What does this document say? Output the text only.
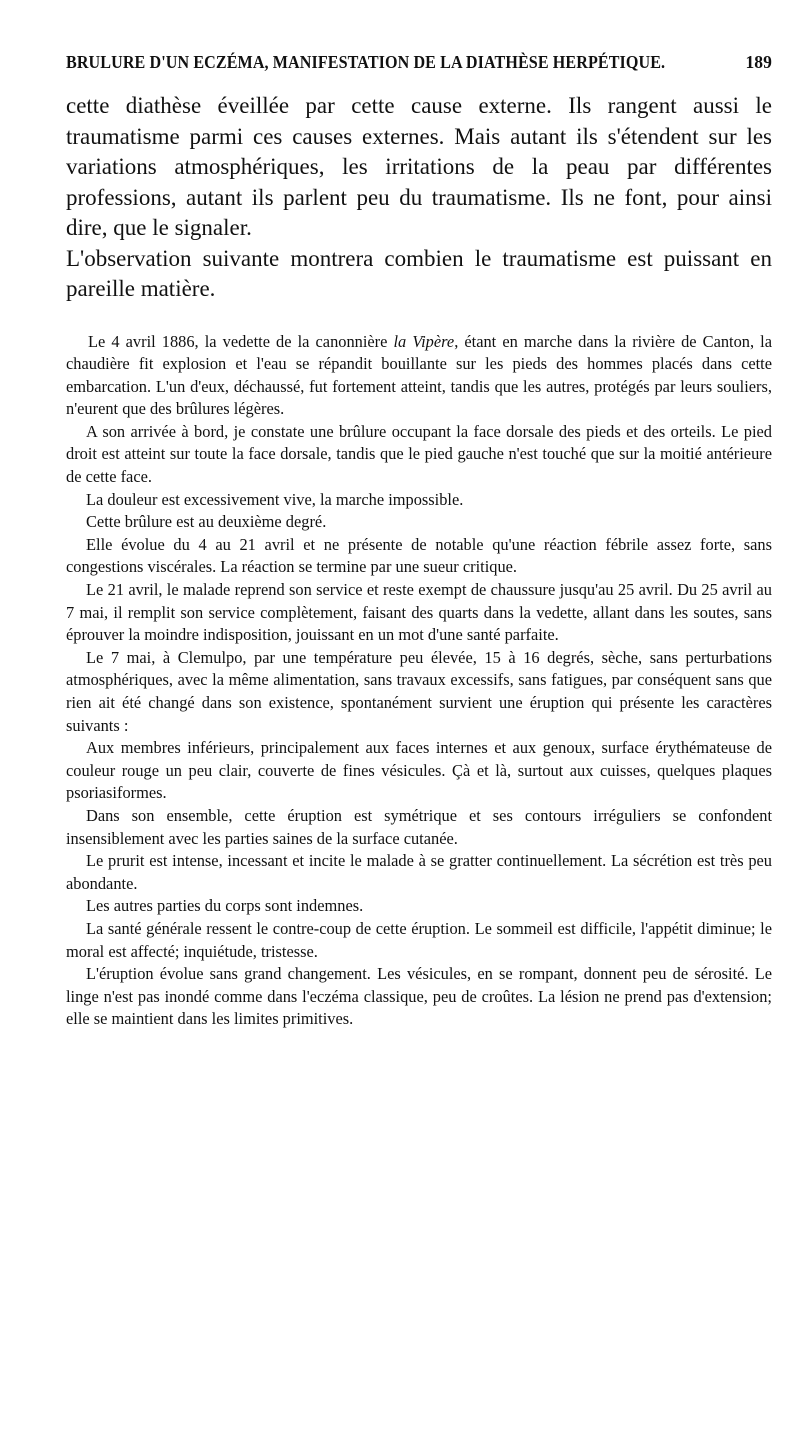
BRULURE D'UN ECZÉMA, MANIFESTATION DE LA DIATHÈSE HERPÉTIQUE.	189

cette diathèse éveillée par cette cause externe. Ils rangent aussi le traumatisme parmi ces causes externes. Mais autant ils s'étendent sur les variations atmosphériques, les irritations de la peau par différentes professions, autant ils parlent peu du traumatisme. Ils ne font, pour ainsi dire, que le signaler.

L'observation suivante montrera combien le traumatisme est puissant en pareille matière.

Le 4 avril 1886, la vedette de la canonnière la Vipère, étant en marche dans la rivière de Canton, la chaudière fit explosion et l'eau se répandit bouillante sur les pieds des hommes placés dans cette embarcation. L'un d'eux, déchaussé, fut fortement atteint, tandis que les autres, protégés par leurs souliers, n'eurent que des brûlures légères.

A son arrivée à bord, je constate une brûlure occupant la face dorsale des pieds et des orteils. Le pied droit est atteint sur toute la face dorsale, tandis que le pied gauche n'est touché que sur la moitié antérieure de cette face.

La douleur est excessivement vive, la marche impossible.

Cette brûlure est au deuxième degré.

Elle évolue du 4 au 21 avril et ne présente de notable qu'une réaction fébrile assez forte, sans congestions viscérales. La réaction se termine par une sueur critique.

Le 21 avril, le malade reprend son service et reste exempt de chaussure jusqu'au 25 avril. Du 25 avril au 7 mai, il remplit son service complètement, faisant des quarts dans la vedette, allant dans les soutes, sans éprouver la moindre indisposition, jouissant en un mot d'une santé parfaite.

Le 7 mai, à Clemulpo, par une température peu élevée, 15 à 16 degrés, sèche, sans perturbations atmosphériques, avec la même alimentation, sans travaux excessifs, sans fatigues, par conséquent sans que rien ait été changé dans son existence, spontanément survient une éruption qui présente les caractères suivants :

Aux membres inférieurs, principalement aux faces internes et aux genoux, surface érythémateuse de couleur rouge un peu clair, couverte de fines vésicules. Çà et là, surtout aux cuisses, quelques plaques psoriasiformes.

Dans son ensemble, cette éruption est symétrique et ses contours irréguliers se confondent insensiblement avec les parties saines de la surface cutanée.

Le prurit est intense, incessant et incite le malade à se gratter continuellement. La sécrétion est très peu abondante.

Les autres parties du corps sont indemnes.

La santé générale ressent le contre-coup de cette éruption. Le sommeil est difficile, l'appétit diminue; le moral est affecté; inquiétude, tristesse.

L'éruption évolue sans grand changement. Les vésicules, en se rompant, donnent peu de sérosité. Le linge n'est pas inondé comme dans l'eczéma classique, peu de croûtes. La lésion ne prend pas d'extension; elle se maintient dans les limites primitives.
